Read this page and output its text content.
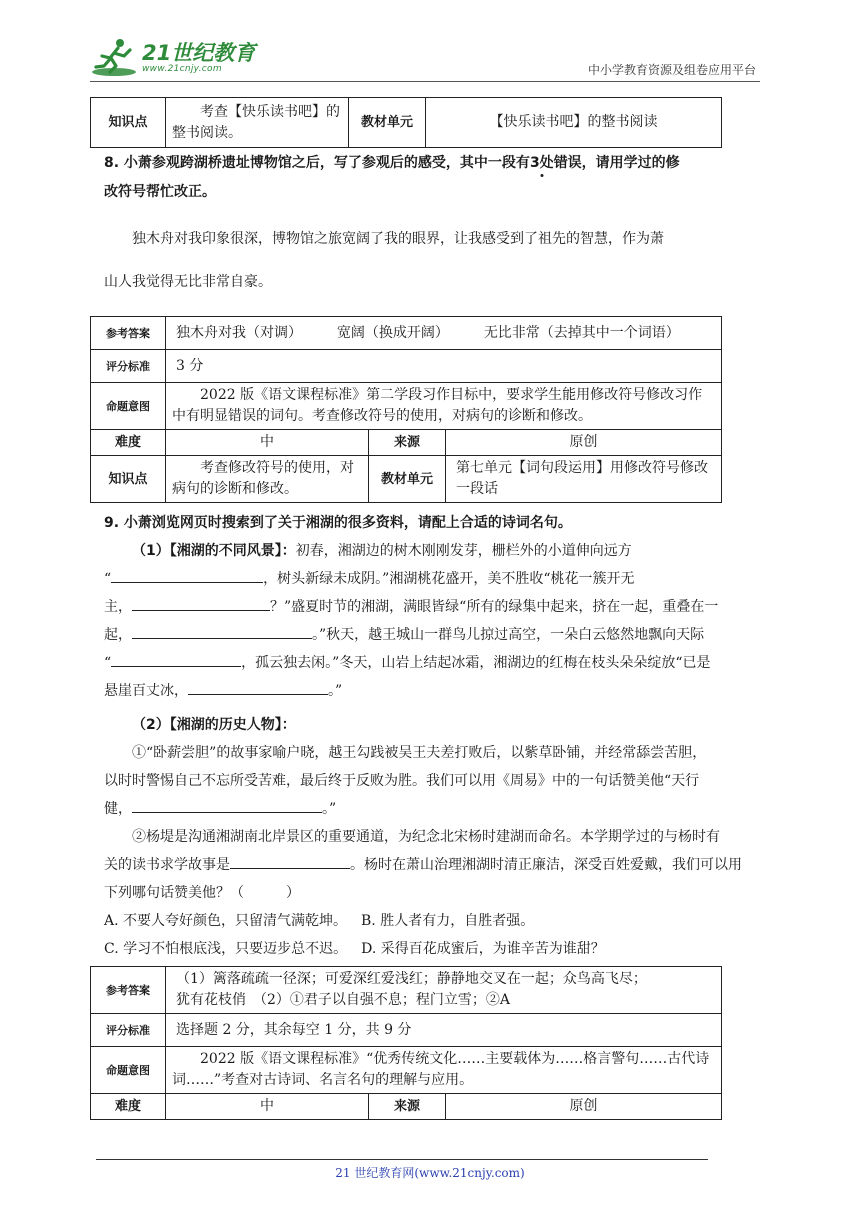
21世纪教育
www.21cnjy.com	中小学教育资源及组卷应用平台
知识点	考查【快乐读书吧】的整书阅读。	教材单元	【快乐读书吧】的整书阅读
8. 小萧参观跨湖桥遗址博物馆之后，写了参观后的感受，其中一段有3处错误，请用学过的修
改符号帮忙改正。
独木舟对我印象很深，博物馆之旅宽阔了我的眼界，让我感受到了祖先的智慧，作为萧
山人我觉得无比非常自豪。
参考答案	独木舟对我（对调） 宽阔（换成开阔） 无比非常（去掉其中一个词语）		
评分标准	3 分		
命题意图	2022 版《语文课程标准》第二学段习作目标中，要求学生能用修改符号修改习作中有明显错误的词句。考查修改符号的使用，对病句的诊断和修改。		
难度	中	来源	原创
知识点	考查修改符号的使用，对病句的诊断和修改。	教材单元	第七单元【词句段运用】用修改符号修改一段话
9. 小萧浏览网页时搜索到了关于湘湖的很多资料，请配上合适的诗词名句。
（1）【湘湖的不同风景】：初春，湘湖边的树木刚刚发芽，栅栏外的小道伸向远方
“	，树头新绿未成阴。”湘湖桃花盛开，美不胜收“桃花一簇开无
主，	？”盛夏时节的湘湖，满眼皆绿“所有的绿集中起来，挤在一起，重叠在一
起，	。”秋天，越王城山一群鸟儿掠过高空，一朵白云悠然地飘向天际
“	，孤云独去闲。”冬天，山岩上结起冰霜，湘湖边的红梅在枝头朵朵绽放“已是
悬崖百丈冰，	。”
（2）【湘湖的历史人物】：
①“卧薪尝胆”的故事家喻户晓，越王勾践被吴王夫差打败后，以紫草卧铺，并经常舔尝苦胆，
以时时警惕自己不忘所受苦难，最后终于反败为胜。我们可以用《周易》中的一句话赞美他“天行
健，	。”
②杨堤是沟通湘湖南北岸景区的重要通道，为纪念北宋杨时建湖而命名。本学期学过的与杨时有
关的读书求学故事是	。杨时在萧山治理湘湖时清正廉洁，深受百姓爱戴，我们可以用
下列哪句话赞美他？（　　　）
A. 不要人夸好颜色，只留清气满乾坤。 B. 胜人者有力，自胜者强。
C. 学习不怕根底浅，只要迈步总不迟。 D. 采得百花成蜜后，为谁辛苦为谁甜？
参考答案	（1）篱落疏疏一径深；可爱深红爱浅红；静静地交叉在一起；众鸟高飞尽；
犹有花枝俏　（2）①君子以自强不息；程门立雪；②A		
评分标准	选择题 2 分，其余每空 1 分，共 9 分		
命题意图	2022 版《语文课程标准》“优秀传统文化……主要载体为……格言警句……古代诗词……”考查对古诗词、名言名句的理解与应用。		
难度	中	来源	原创
21 世纪教育网(www.21cnjy.com)
